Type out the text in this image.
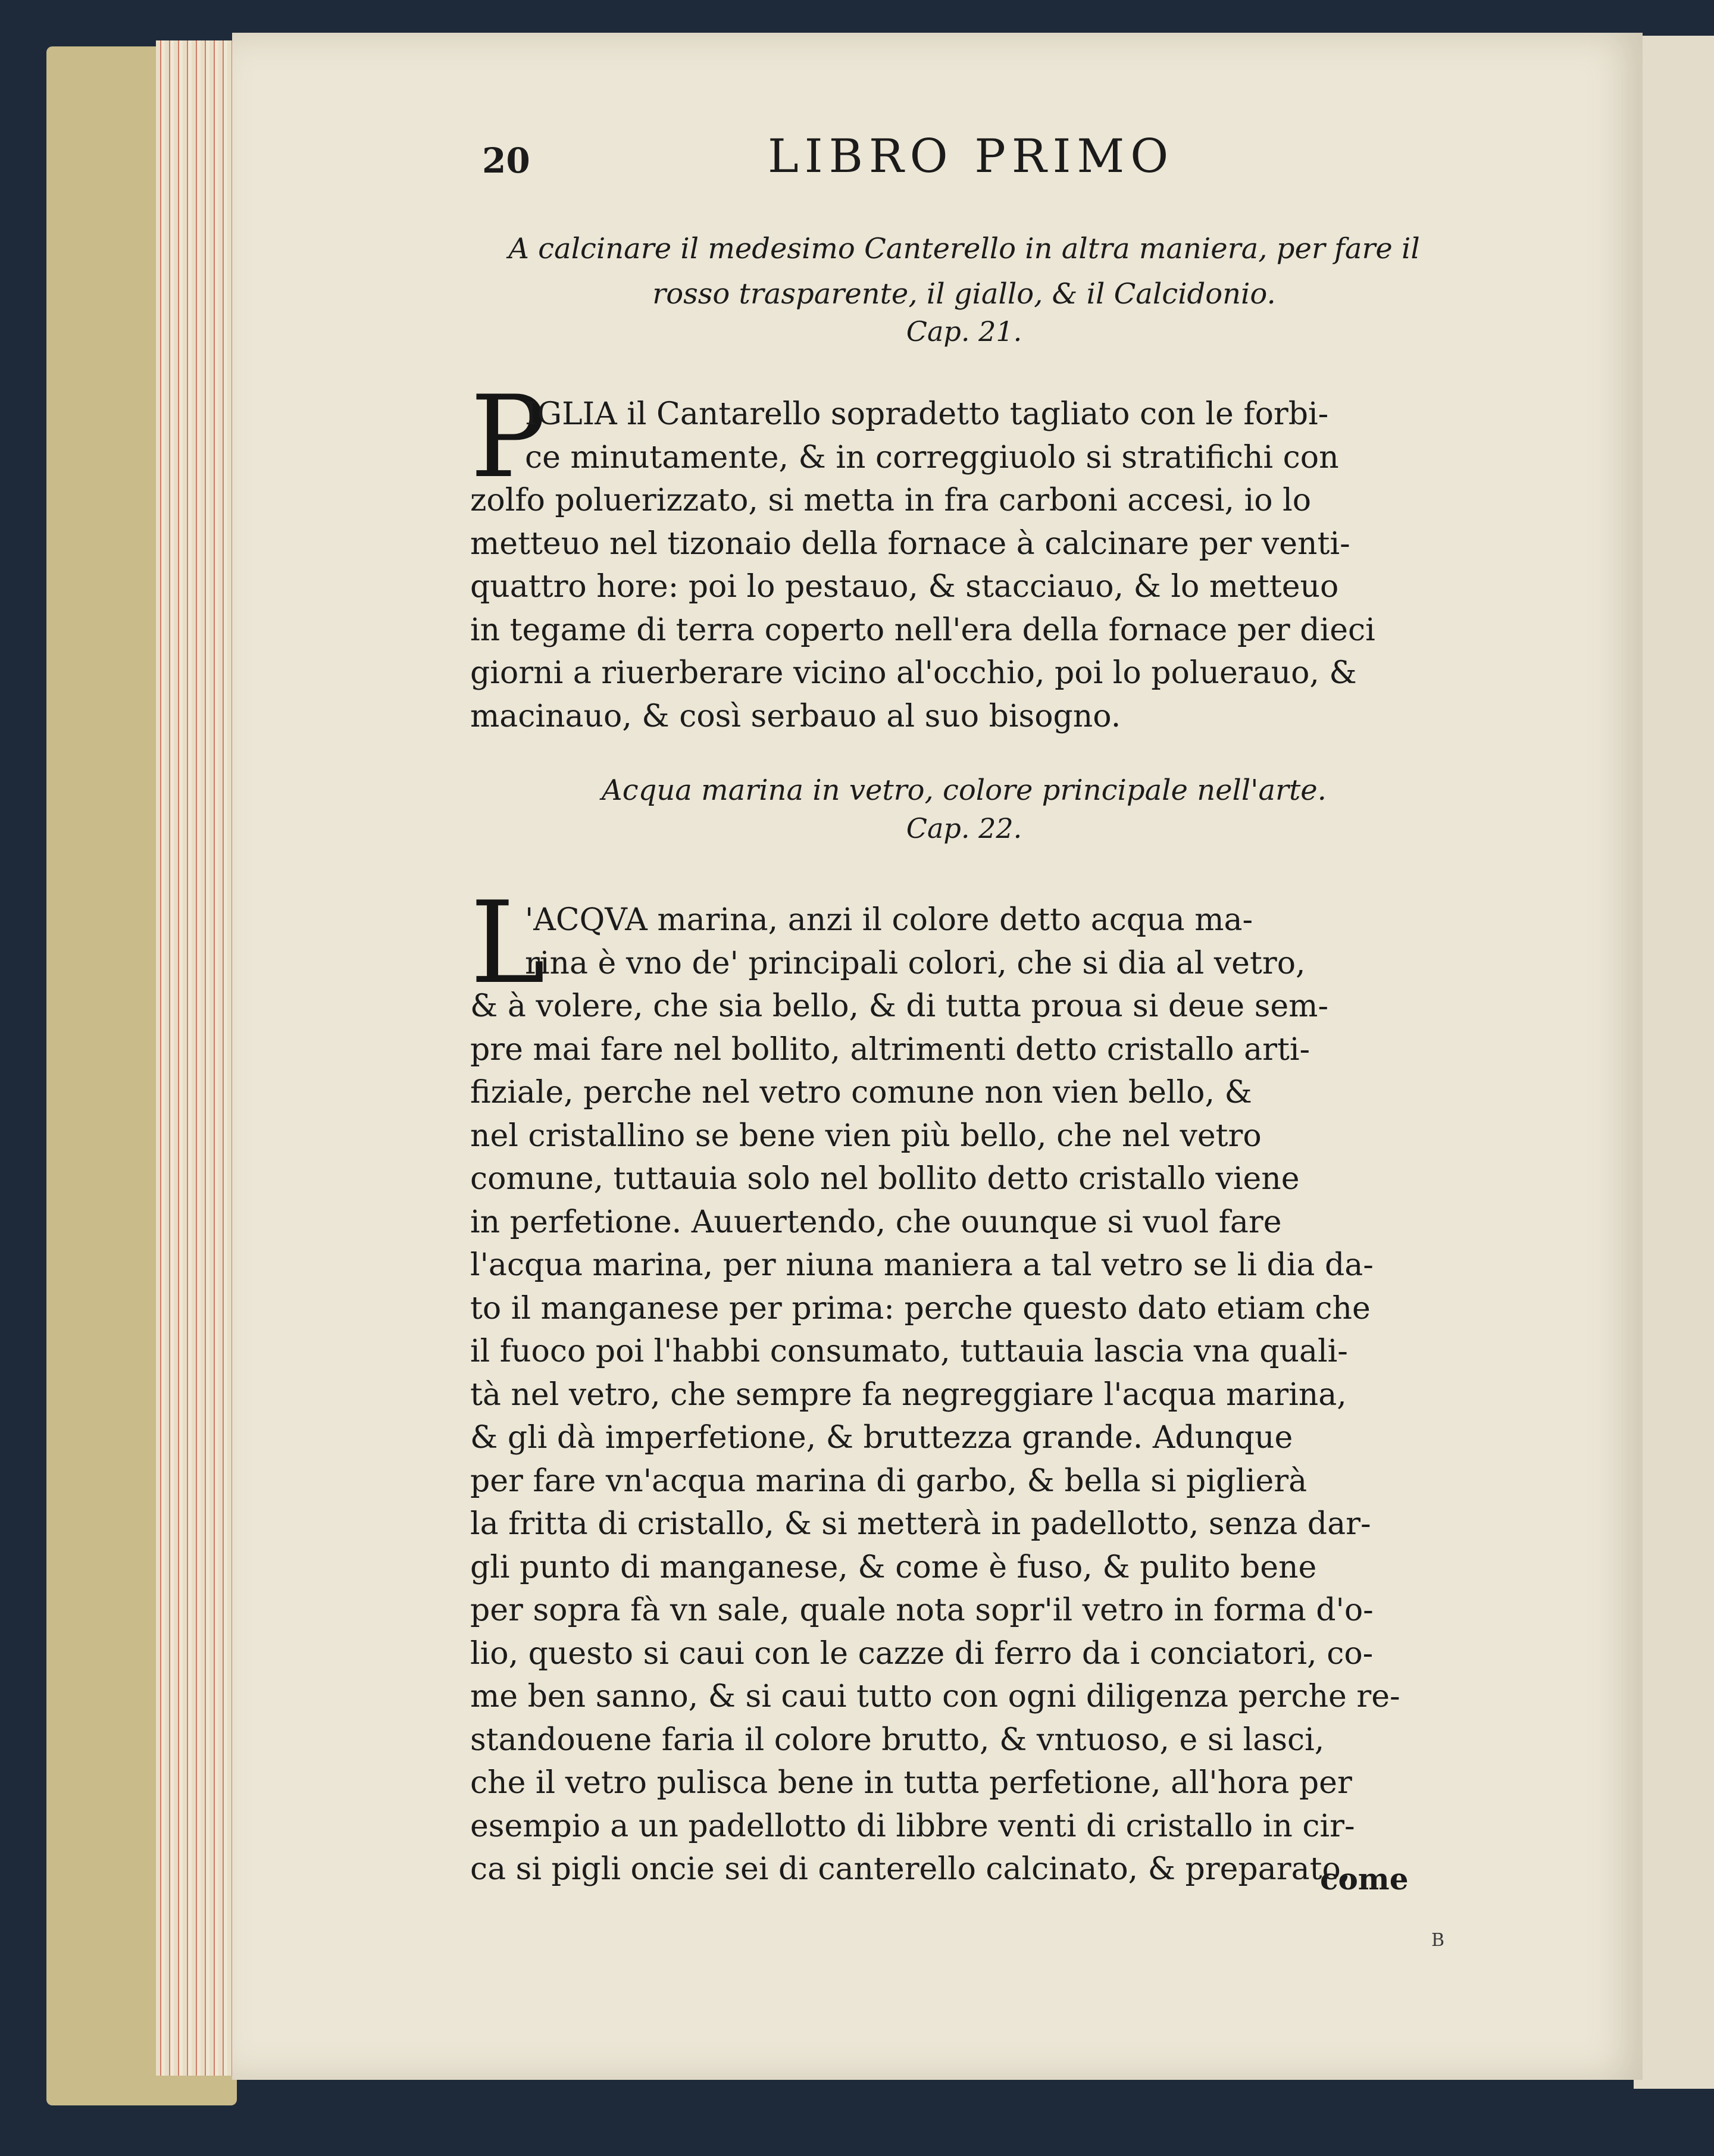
20	LIBRO PRIMO
A calcinare il medesimo Canterello in altra maniera, per fare il
rosso trasparente, il giallo, & il Calcidonio.
Cap. 21.
P
IGLIA il Cantarello sopradetto tagliato con le forbi-
ce minutamente, & in correggiuolo si stratifichi con
zolfo poluerizzato, si metta in fra carboni accesi, io lo
metteuo nel tizonaio della fornace à calcinare per venti-
quattro hore: poi lo pestauo, & stacciauo, & lo metteuo
in tegame di terra coperto nell'era della fornace per dieci
giorni a riuerberare vicino al'occhio, poi lo poluerauo, &
macinauo, & così serbauo al suo bisogno.
Acqua marina in vetro, colore principale nell'arte.
Cap. 22.
L
'ACQVA marina, anzi il colore detto acqua ma-
rina è vno de' principali colori, che si dia al vetro,
& à volere, che sia bello, & di tutta proua si deue sem-
pre mai fare nel bollito, altrimenti detto cristallo arti-
fiziale, perche nel vetro comune non vien bello, &
nel cristallino se bene vien più bello, che nel vetro
comune, tuttauia solo nel bollito detto cristallo viene
in perfetione. Auuertendo, che ouunque si vuol fare
l'acqua marina, per niuna maniera a tal vetro se li dia da-
to il manganese per prima: perche questo dato etiam che
il fuoco poi l'habbi consumato, tuttauia lascia vna quali-
tà nel vetro, che sempre fa negreggiare l'acqua marina,
& gli dà imperfetione, & bruttezza grande. Adunque
per fare vn'acqua marina di garbo, & bella si piglierà
la fritta di cristallo, & si metterà in padellotto, senza dar-
gli punto di manganese, & come è fuso, & pulito bene
per sopra fà vn sale, quale nota sopr'il vetro in forma d'o-
lio, questo si caui con le cazze di ferro da i conciatori, co-
me ben sanno, & si caui tutto con ogni diligenza perche re-
standouene faria il colore brutto, & vntuoso, e si lasci,
che il vetro pulisca bene in tutta perfetione, all'hora per
esempio a un padellotto di libbre venti di cristallo in cir-
ca si pigli oncie sei di canterello calcinato, & preparato,
come
B
